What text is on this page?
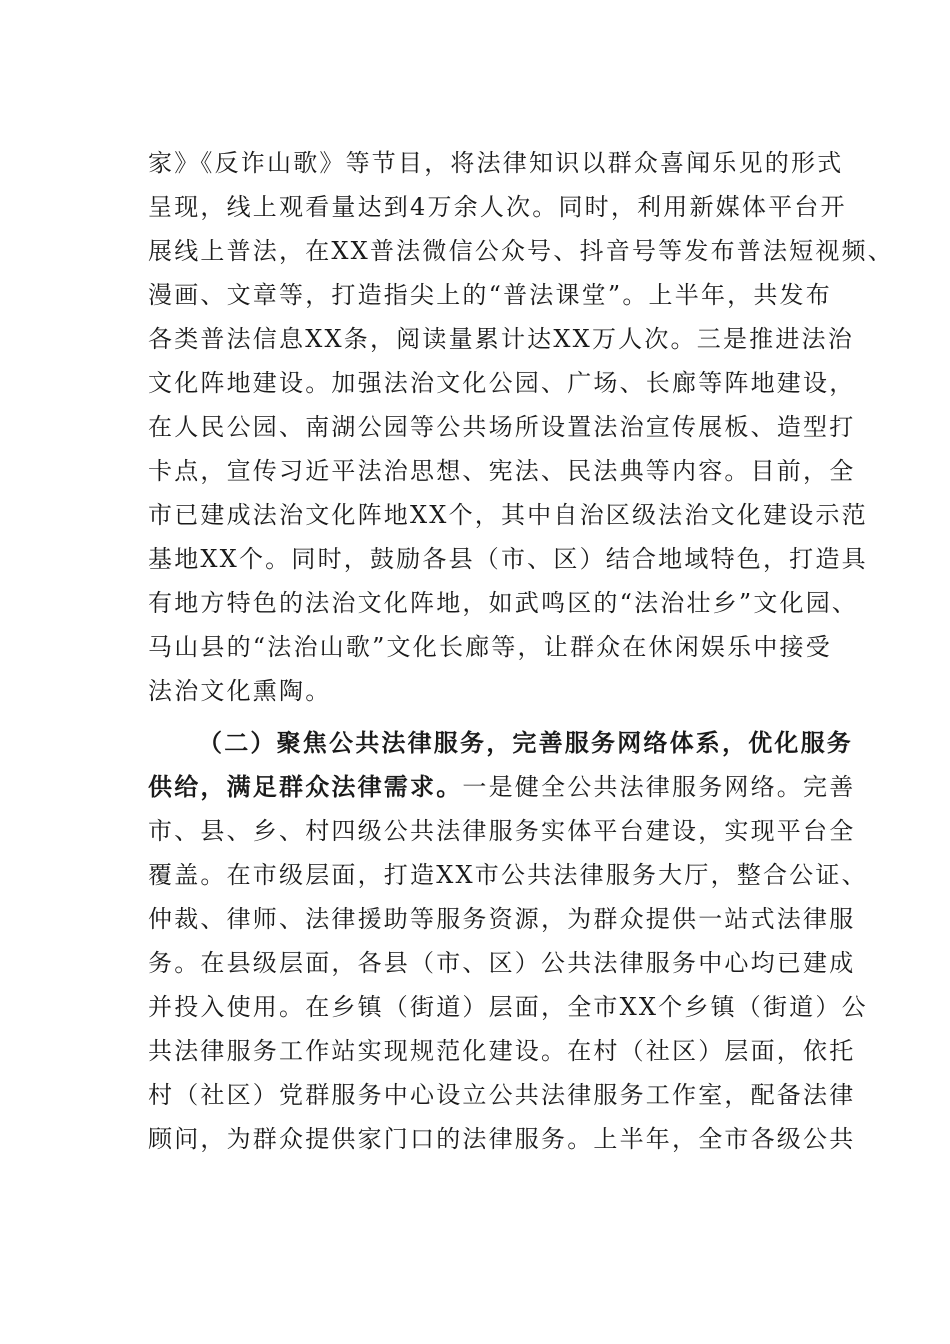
家》《反诈山歌》等节目，将法律知识以群众喜闻乐见的形式
呈现，线上观看量达到4万余人次。同时，利用新媒体平台开
展线上普法，在XX普法微信公众号、抖音号等发布普法短视频、
漫画、文章等，打造指尖上的“普法课堂”。上半年，共发布
各类普法信息XX条，阅读量累计达XX万人次。三是推进法治
文化阵地建设。加强法治文化公园、广场、长廊等阵地建设，
在人民公园、南湖公园等公共场所设置法治宣传展板、造型打
卡点，宣传习近平法治思想、宪法、民法典等内容。目前，全
市已建成法治文化阵地XX个，其中自治区级法治文化建设示范
基地XX个。同时，鼓励各县（市、区）结合地域特色，打造具
有地方特色的法治文化阵地，如武鸣区的“法治壮乡”文化园、
马山县的“法治山歌”文化长廊等，让群众在休闲娱乐中接受
法治文化熏陶。
（二）聚焦公共法律服务，完善服务网络体系，优化服务
供给，满足群众法律需求。一是健全公共法律服务网络。完善
市、县、乡、村四级公共法律服务实体平台建设，实现平台全
覆盖。在市级层面，打造XX市公共法律服务大厅，整合公证、
仲裁、律师、法律援助等服务资源，为群众提供一站式法律服
务。在县级层面，各县（市、区）公共法律服务中心均已建成
并投入使用。在乡镇（街道）层面，全市XX个乡镇（街道）公
共法律服务工作站实现规范化建设。在村（社区）层面，依托
村（社区）党群服务中心设立公共法律服务工作室，配备法律
顾问，为群众提供家门口的法律服务。上半年，全市各级公共
